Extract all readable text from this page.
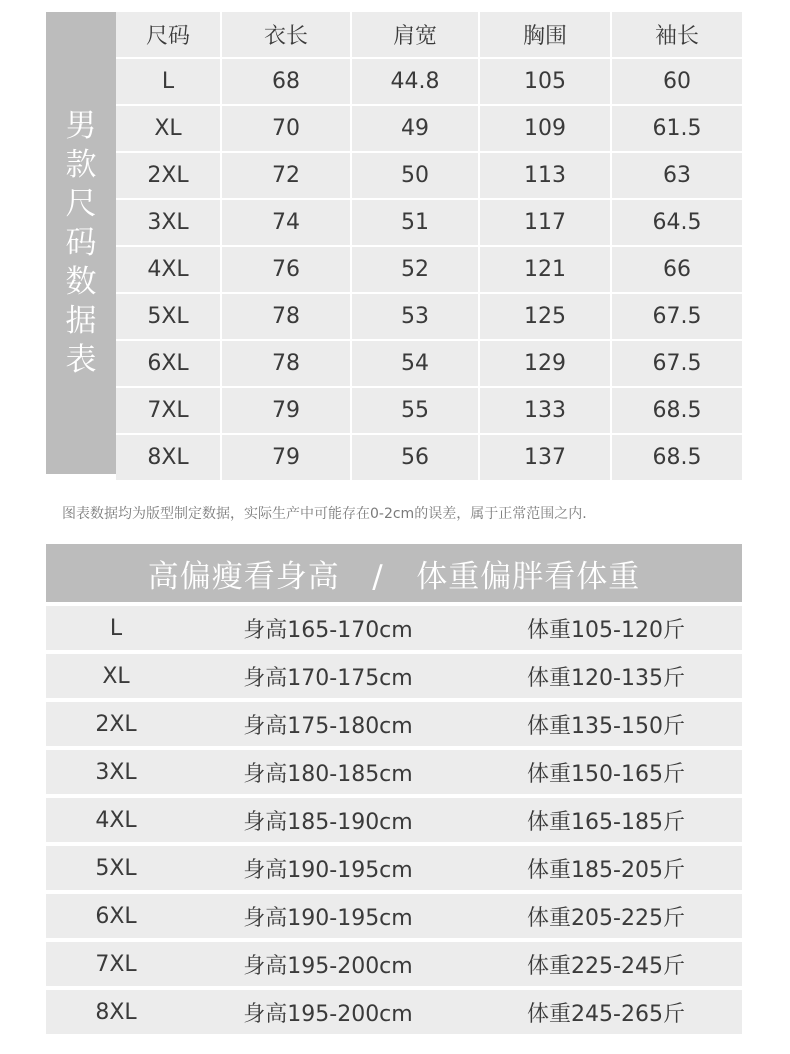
男款尺码数据表
尺码	衣长	肩宽	胸围	袖长
L	68	44.8	105	60
XL	70	49	109	61.5
2XL	72	50	113	63
3XL	74	51	117	64.5
4XL	76	52	121	66
5XL	78	53	125	67.5
6XL	78	54	129	67.5
7XL	79	55	133	68.5
8XL	79	56	137	68.5
图表数据均为版型制定数据，实际生产中可能存在0-2cm的误差，属于正常范围之内.
高偏瘦看身高   /   体重偏胖看体重
L	身高165-170cm	体重105-120斤
XL	身高170-175cm	体重120-135斤
2XL	身高175-180cm	体重135-150斤
3XL	身高180-185cm	体重150-165斤
4XL	身高185-190cm	体重165-185斤
5XL	身高190-195cm	体重185-205斤
6XL	身高190-195cm	体重205-225斤
7XL	身高195-200cm	体重225-245斤
8XL	身高195-200cm	体重245-265斤
